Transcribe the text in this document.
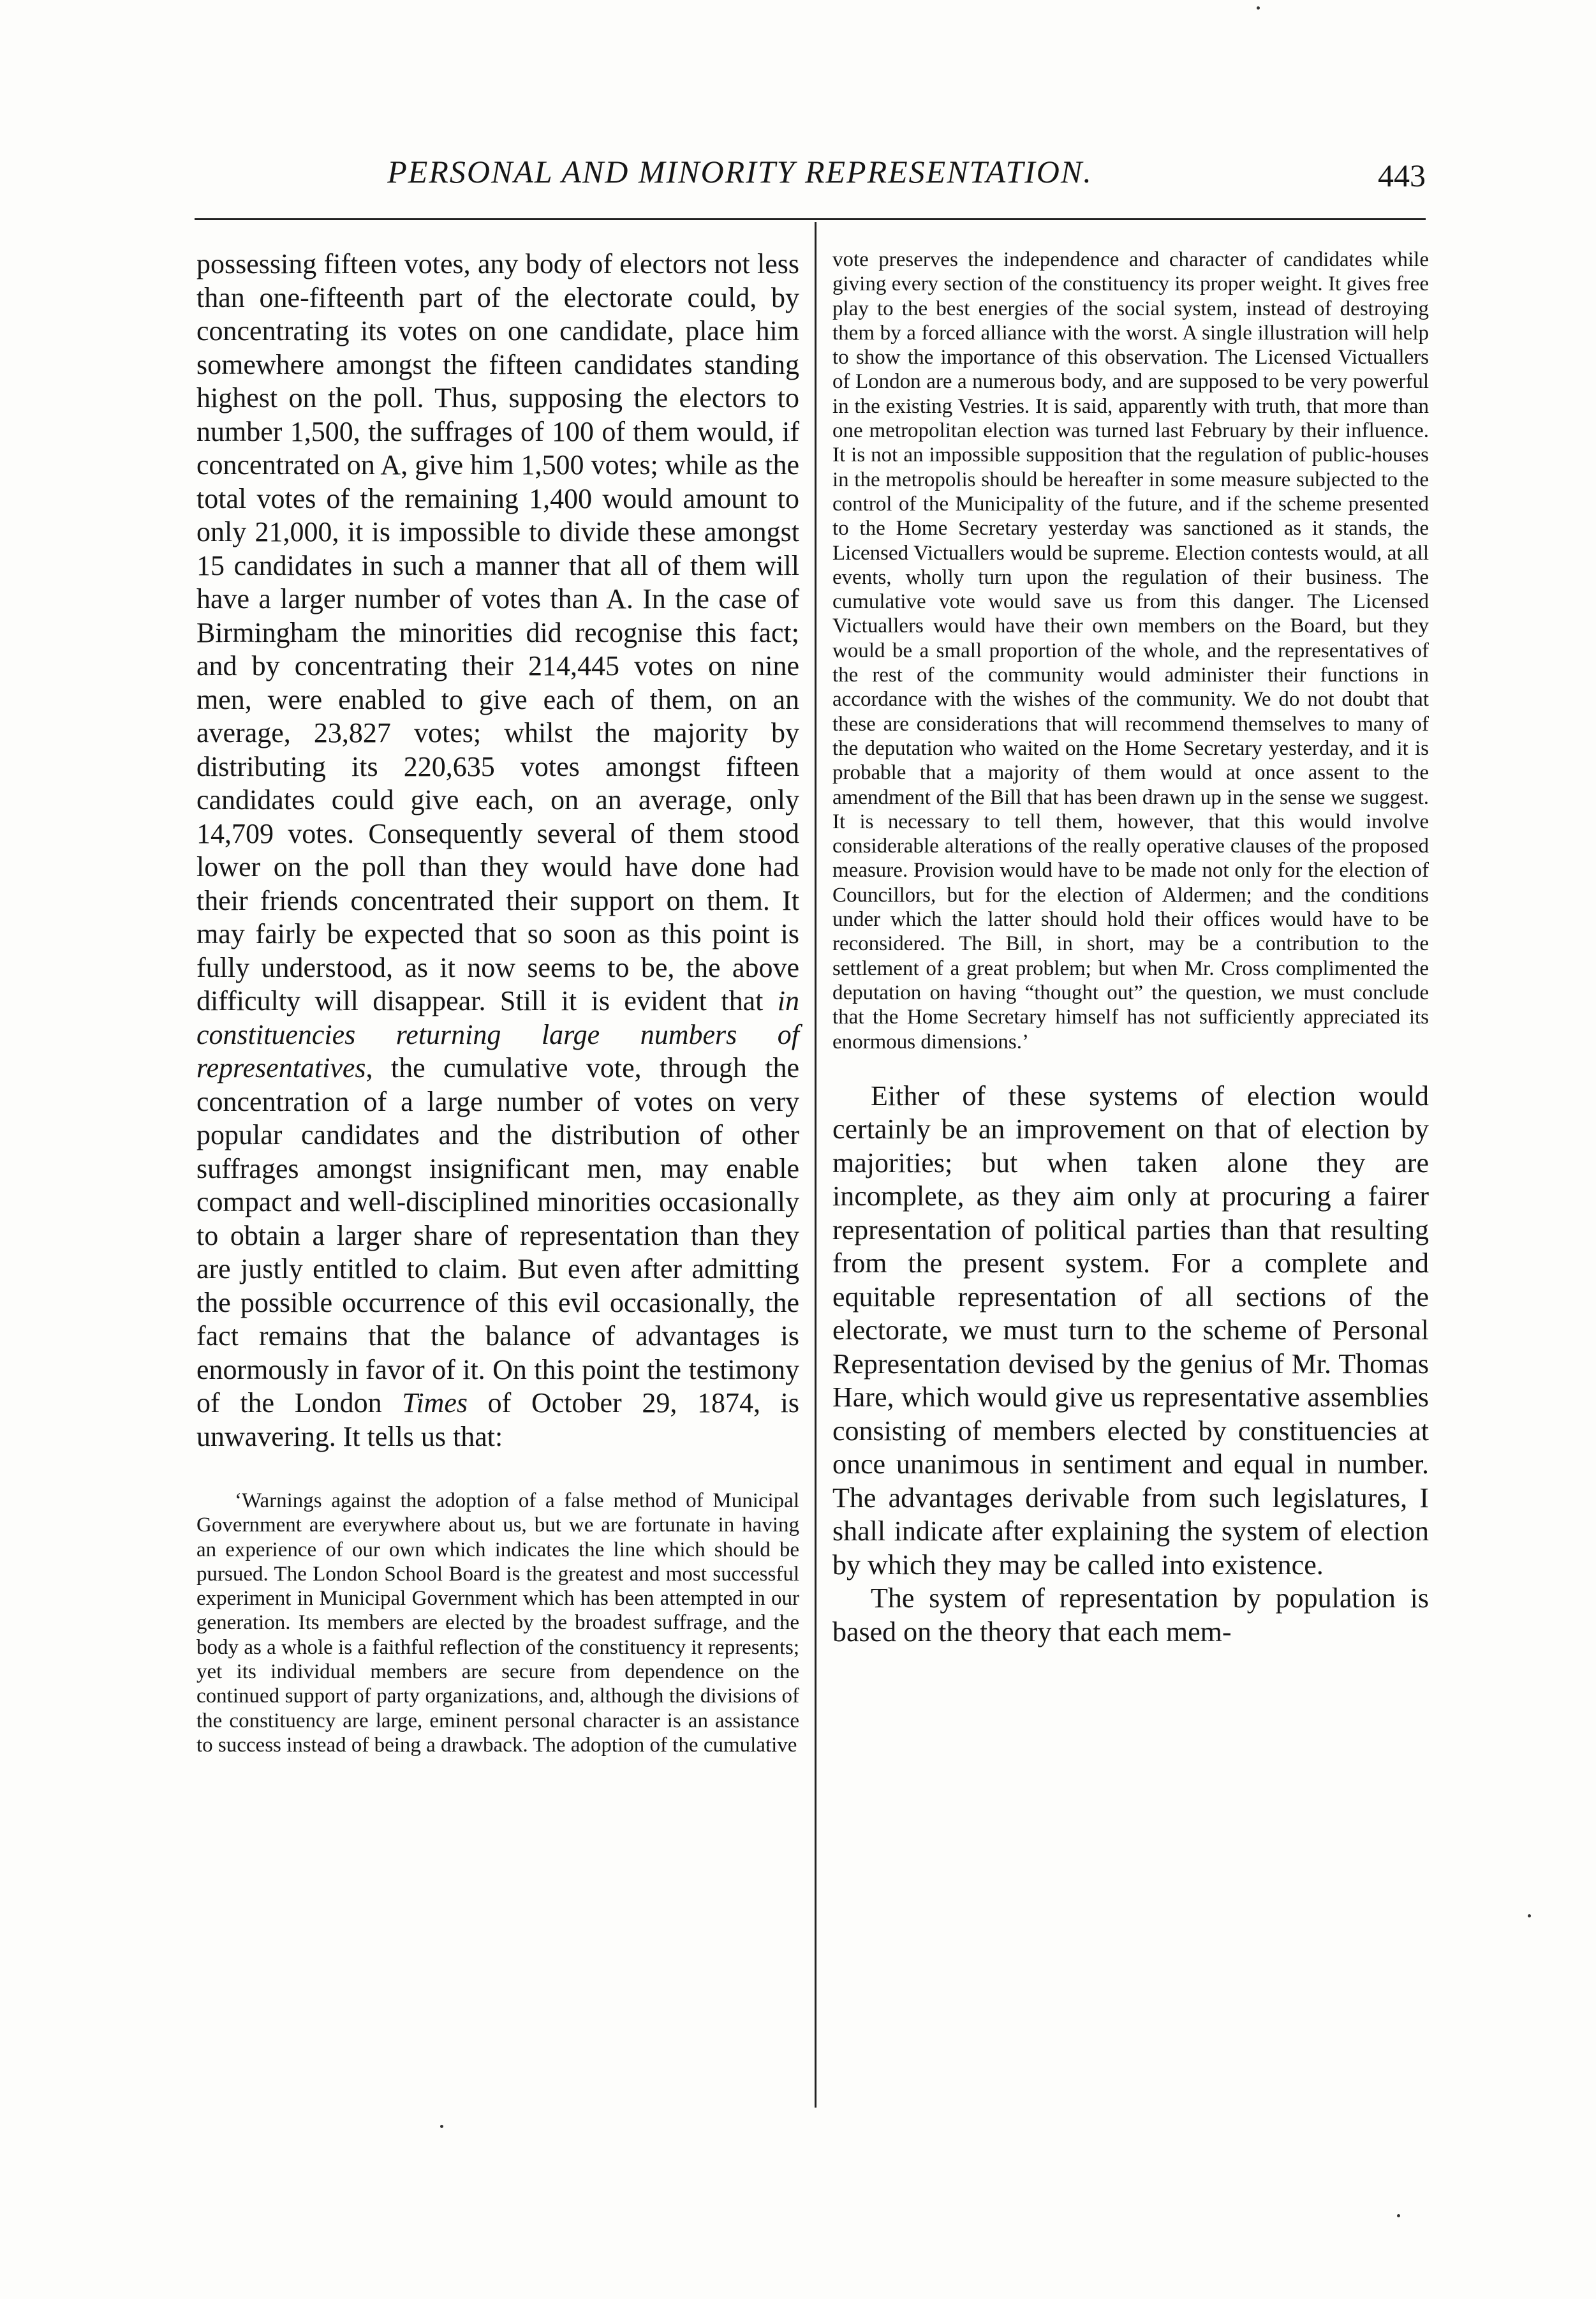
PERSONAL AND MINORITY REPRESENTATION.	443

possessing fifteen votes, any body of electors not less than one-fifteenth part of the electorate could, by concentrating its votes on one candidate, place him somewhere amongst the fifteen candidates standing highest on the poll. Thus, supposing the electors to number 1,500, the suffrages of 100 of them would, if concentrated on A, give him 1,500 votes; while as the total votes of the remaining 1,400 would amount to only 21,000, it is impossible to divide these amongst 15 candidates in such a manner that all of them will have a larger number of votes than A. In the case of Birmingham the minorities did recognise this fact; and by concentrating their 214,445 votes on nine men, were enabled to give each of them, on an average, 23,827 votes; whilst the majority by distributing its 220,635 votes amongst fifteen candidates could give each, on an average, only 14,709 votes. Consequently several of them stood lower on the poll than they would have done had their friends concentrated their support on them. It may fairly be expected that so soon as this point is fully understood, as it now seems to be, the above difficulty will disappear. Still it is evident that in constituencies returning large numbers of representatives, the cumulative vote, through the concentration of a large number of votes on very popular candidates and the distribution of other suffrages amongst insignificant men, may enable compact and well-disciplined minorities occasionally to obtain a larger share of representation than they are justly entitled to claim. But even after admitting the possible occurrence of this evil occasionally, the fact remains that the balance of advantages is enormously in favor of it. On this point the testimony of the London Times of October 29, 1874, is unwavering. It tells us that:

‘Warnings against the adoption of a false method of Municipal Government are everywhere about us, but we are fortunate in having an experience of our own which indicates the line which should be pursued. The London School Board is the greatest and most successful experiment in Municipal Government which has been attempted in our generation. Its members are elected by the broadest suffrage, and the body as a whole is a faithful reflection of the constituency it represents; yet its individual members are secure from dependence on the continued support of party organizations, and, although the divisions of the constituency are large, eminent personal character is an assistance to success instead of being a drawback. The adoption of the cumulative

vote preserves the independence and character of candidates while giving every section of the constituency its proper weight. It gives free play to the best energies of the social system, instead of destroying them by a forced alliance with the worst. A single illustration will help to show the importance of this observation. The Licensed Victuallers of London are a numerous body, and are supposed to be very powerful in the existing Vestries. It is said, apparently with truth, that more than one metropolitan election was turned last February by their influence. It is not an impossible supposition that the regulation of public-houses in the metropolis should be hereafter in some measure subjected to the control of the Municipality of the future, and if the scheme presented to the Home Secretary yesterday was sanctioned as it stands, the Licensed Victuallers would be supreme. Election contests would, at all events, wholly turn upon the regulation of their business. The cumulative vote would save us from this danger. The Licensed Victuallers would have their own members on the Board, but they would be a small proportion of the whole, and the representatives of the rest of the community would administer their functions in accordance with the wishes of the community. We do not doubt that these are considerations that will recommend themselves to many of the deputation who waited on the Home Secretary yesterday, and it is probable that a majority of them would at once assent to the amendment of the Bill that has been drawn up in the sense we suggest. It is necessary to tell them, however, that this would involve considerable alterations of the really operative clauses of the proposed measure. Provision would have to be made not only for the election of Councillors, but for the election of Aldermen; and the conditions under which the latter should hold their offices would have to be reconsidered. The Bill, in short, may be a contribution to the settlement of a great problem; but when Mr. Cross complimented the deputation on having “thought out” the question, we must conclude that the Home Secretary himself has not sufficiently appreciated its enormous dimensions.’

Either of these systems of election would certainly be an improvement on that of election by majorities; but when taken alone they are incomplete, as they aim only at procuring a fairer representation of political parties than that resulting from the present system. For a complete and equitable representation of all sections of the electorate, we must turn to the scheme of Personal Representation devised by the genius of Mr. Thomas Hare, which would give us representative assemblies consisting of members elected by constituencies at once unanimous in sentiment and equal in number. The advantages derivable from such legislatures, I shall indicate after explaining the system of election by which they may be called into existence.

The system of representation by population is based on the theory that each mem-
